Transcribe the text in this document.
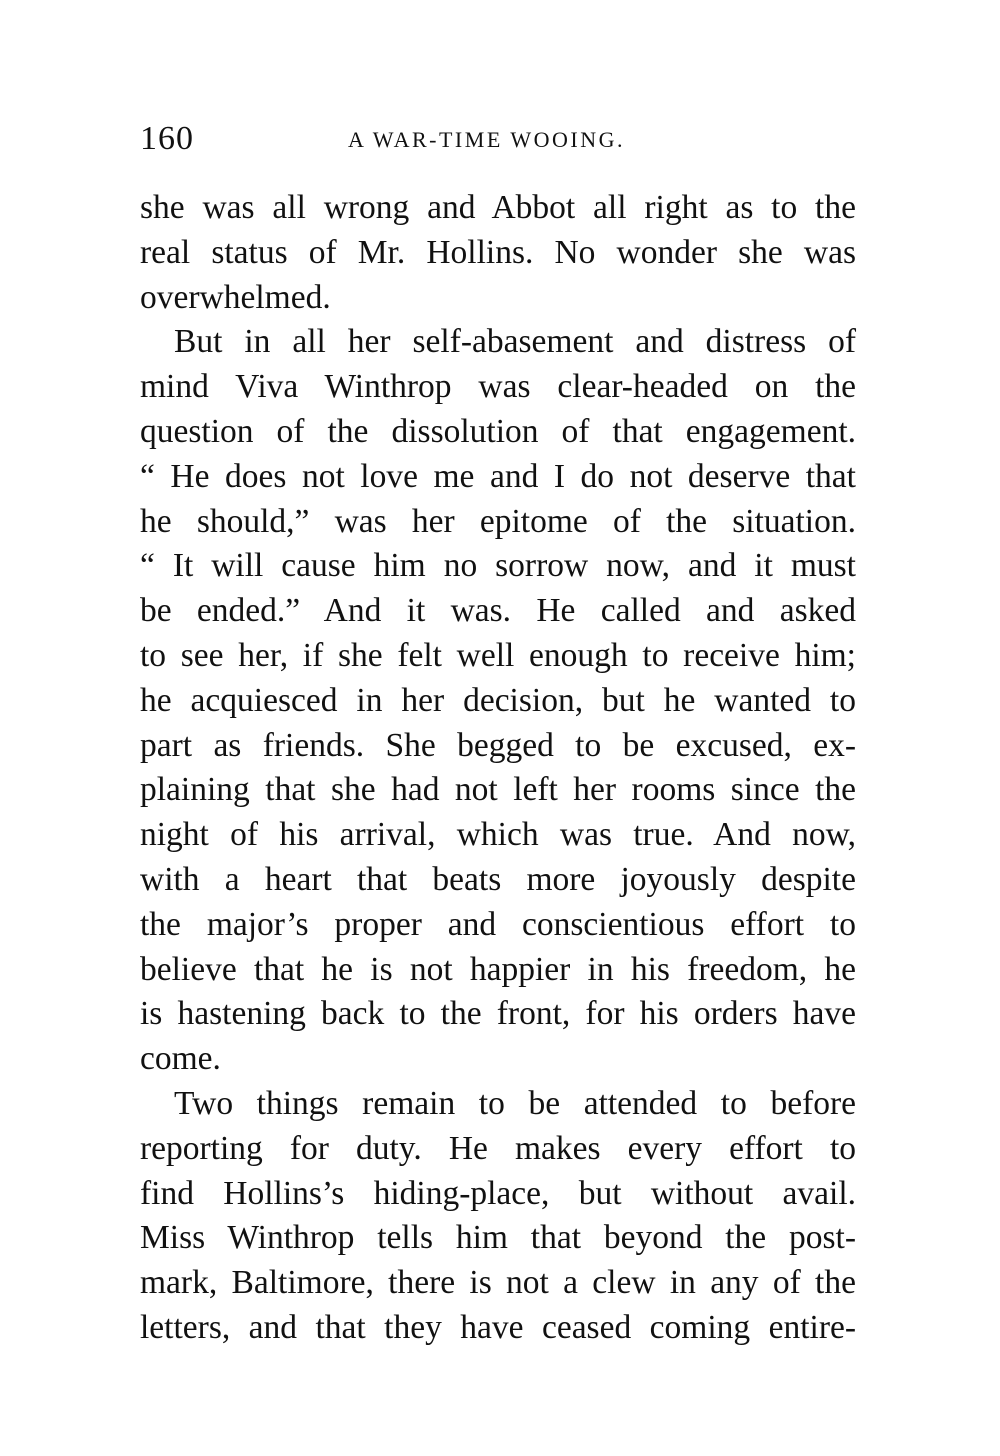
160	A WAR-TIME WOOING.
she was all wrong and Abbot all right as to the
real status of Mr. Hollins. No wonder she was
overwhelmed.
But in all her self-abasement and distress of
mind Viva Winthrop was clear-headed on the
question of the dissolution of that engagement.
“ He does not love me and I do not deserve that
he should,” was her epitome of the situation.
“ It will cause him no sorrow now, and it must
be ended.” And it was. He called and asked
to see her, if she felt well enough to receive him;
he acquiesced in her decision, but he wanted to
part as friends. She begged to be excused, ex-
plaining that she had not left her rooms since the
night of his arrival, which was true. And now,
with a heart that beats more joyously despite
the major’s proper and conscientious effort to
believe that he is not happier in his freedom, he
is hastening back to the front, for his orders have
come.
Two things remain to be attended to before
reporting for duty. He makes every effort to
find Hollins’s hiding-place, but without avail.
Miss Winthrop tells him that beyond the post-
mark, Baltimore, there is not a clew in any of the
letters, and that they have ceased coming entire-
